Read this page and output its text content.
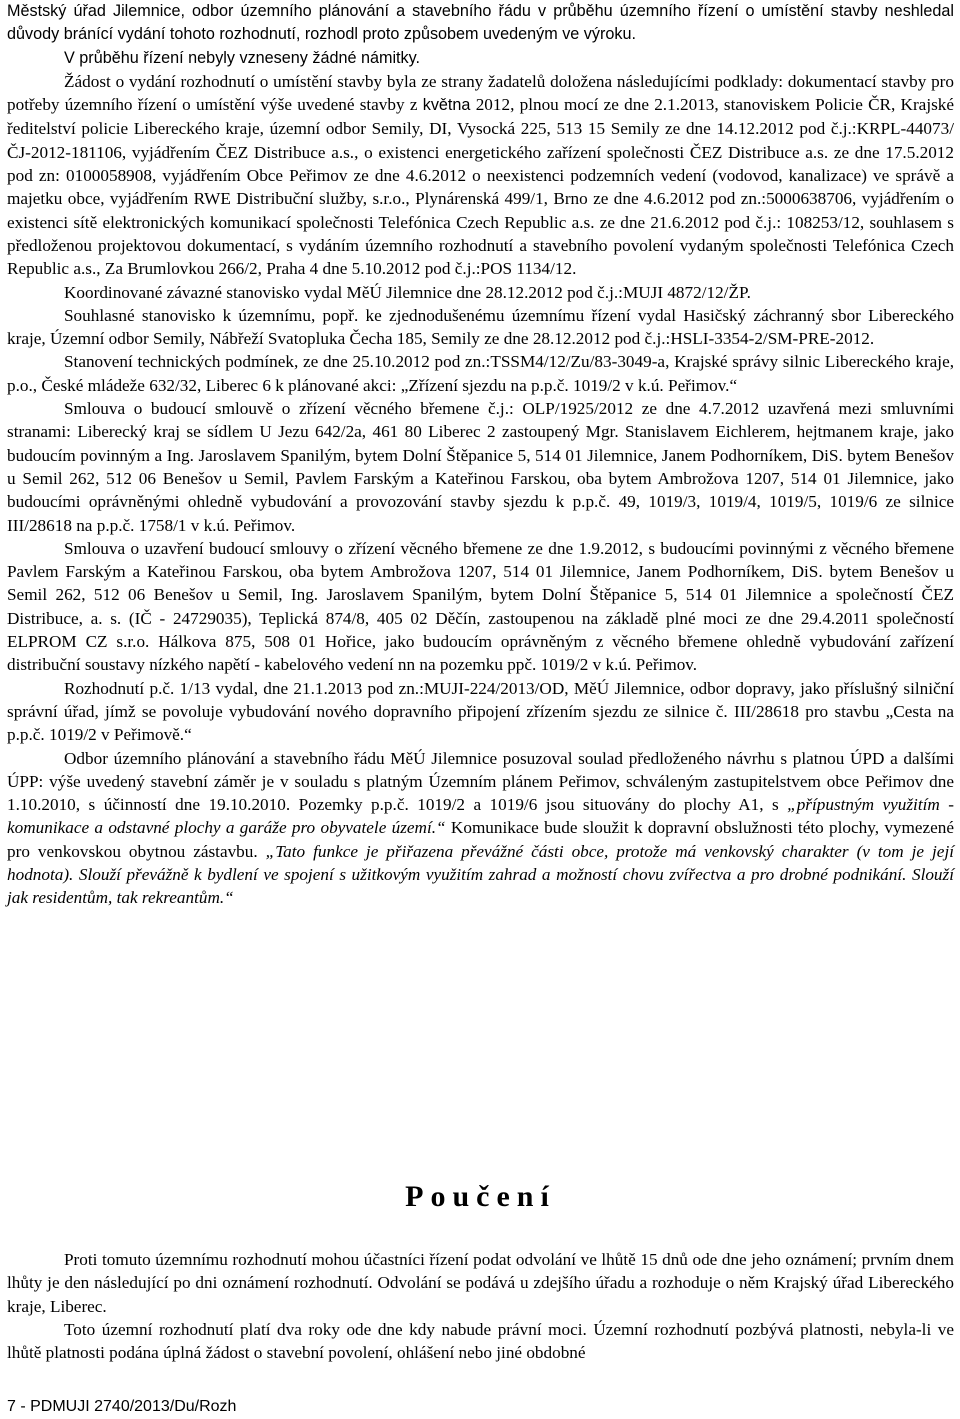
Městský úřad Jilemnice, odbor územního plánování a stavebního řádu v průběhu územního řízení o umístění stavby neshledal důvody bránící vydání tohoto rozhodnutí, rozhodl proto způsobem uvedeným ve výroku.

V průběhu řízení nebyly vzneseny žádné námitky.

Žádost o vydání rozhodnutí o umístění stavby byla ze strany žadatelů doložena následujícími podklady: dokumentací stavby pro potřeby územního řízení o umístění výše uvedené stavby z května 2012, plnou mocí ze dne 2.1.2013, stanoviskem Policie ČR, Krajské ředitelství policie Libereckého kraje, územní odbor Semily, DI, Vysocká 225, 513 15 Semily ze dne 14.12.2012 pod č.j.:KRPL-44073/ČJ-2012-181106, vyjádřením ČEZ Distribuce a.s., o existenci energetického zařízení společnosti ČEZ Distribuce a.s. ze dne 17.5.2012 pod zn: 0100058908, vyjádřením Obce Peřimov ze dne 4.6.2012 o neexistenci podzemních vedení (vodovod, kanalizace) ve správě a majetku obce, vyjádřením RWE Distribuční služby, s.r.o., Plynárenská 499/1, Brno ze dne 4.6.2012 pod zn.:5000638706, vyjádřením o existenci sítě elektronických komunikací společnosti Telefónica Czech Republic a.s. ze dne 21.6.2012 pod č.j.: 108253/12, souhlasem s předloženou projektovou dokumentací, s vydáním územního rozhodnutí a stavebního povolení vydaným společnosti Telefónica Czech Republic a.s., Za Brumlovkou 266/2, Praha 4 dne 5.10.2012 pod č.j.:POS 1134/12.

Koordinované závazné stanovisko vydal MěÚ Jilemnice dne 28.12.2012 pod č.j.:MUJI 4872/12/ŽP.

Souhlasné stanovisko k územnímu, popř. ke zjednodušenému územnímu řízení vydal Hasičský záchranný sbor Libereckého kraje, Územní odbor Semily, Nábřeží Svatopluka Čecha 185, Semily ze dne 28.12.2012 pod č.j.:HSLI-3354-2/SM-PRE-2012.

Stanovení technických podmínek, ze dne 25.10.2012 pod zn.:TSSM4/12/Zu/83-3049-a, Krajské správy silnic Libereckého kraje, p.o., České mládeže 632/32, Liberec 6 k plánované akci: „Zřízení sjezdu na p.p.č. 1019/2 v k.ú. Peřimov.“

Smlouva o budoucí smlouvě o zřízení věcného břemene č.j.: OLP/1925/2012 ze dne 4.7.2012 uzavřená mezi smluvními stranami: Liberecký kraj se sídlem U Jezu 642/2a, 461 80 Liberec 2 zastoupený Mgr. Stanislavem Eichlerem, hejtmanem kraje, jako budoucím povinným a Ing. Jaroslavem Spanilým, bytem Dolní Štěpanice 5, 514 01 Jilemnice, Janem Podhorníkem, DiS. bytem Benešov u Semil 262, 512 06 Benešov u Semil, Pavlem Farským a Kateřinou Farskou, oba bytem Ambrožova 1207, 514 01 Jilemnice, jako budoucími oprávněnými ohledně vybudování a provozování stavby sjezdu k p.p.č. 49, 1019/3, 1019/4, 1019/5, 1019/6 ze silnice III/28618 na p.p.č. 1758/1 v k.ú. Peřimov.

Smlouva o uzavření budoucí smlouvy o zřízení věcného břemene ze dne 1.9.2012, s budoucími povinnými z věcného břemene Pavlem Farským a Kateřinou Farskou, oba bytem Ambrožova 1207, 514 01 Jilemnice, Janem Podhorníkem, DiS. bytem Benešov u Semil 262, 512 06 Benešov u Semil, Ing. Jaroslavem Spanilým, bytem Dolní Štěpanice 5, 514 01 Jilemnice a společností ČEZ Distribuce, a. s. (IČ - 24729035), Teplická 874/8, 405 02 Děčín, zastoupenou na základě plné moci ze dne 29.4.2011 společností ELPROM CZ s.r.o. Hálkova 875, 508 01 Hořice, jako budoucím oprávněným z věcného břemene ohledně vybudování zařízení distribuční soustavy nízkého napětí - kabelového vedení nn na pozemku ppč. 1019/2 v k.ú. Peřimov.

Rozhodnutí p.č. 1/13 vydal, dne 21.1.2013 pod zn.:MUJI-224/2013/OD, MěÚ Jilemnice, odbor dopravy, jako příslušný silniční správní úřad, jímž se povoluje vybudování nového dopravního připojení zřízením sjezdu ze silnice č. III/28618 pro stavbu „Cesta na p.p.č. 1019/2 v Peřimově.“

Odbor územního plánování a stavebního řádu MěÚ Jilemnice posuzoval soulad předloženého návrhu s platnou ÚPD a dalšími ÚPP: výše uvedený stavební záměr je v souladu s platným Územním plánem Peřimov, schváleným zastupitelstvem obce Peřimov dne 1.10.2010, s účinností dne 19.10.2010. Pozemky p.p.č. 1019/2 a 1019/6 jsou situovány do plochy A1, s „přípustným využitím - komunikace a odstavné plochy a garáže pro obyvatele území.“ Komunikace bude sloužit k dopravní obslužnosti této plochy, vymezené pro venkovskou obytnou zástavbu. „Tato funkce je přiřazena převážné části obce, protože má venkovský charakter (v tom je její hodnota). Slouží převážně k bydlení ve spojení s užitkovým využitím zahrad a možností chovu zvířectva a pro drobné podnikání. Slouží jak residentům, tak rekreantům.“

Poučení

Proti tomuto územnímu rozhodnutí mohou účastníci řízení podat odvolání ve lhůtě 15 dnů ode dne jeho oznámení; prvním dnem lhůty je den následující po dni oznámení rozhodnutí. Odvolání se podává u zdejšího úřadu a rozhoduje o něm Krajský úřad Libereckého kraje, Liberec.

Toto územní rozhodnutí platí dva roky ode dne kdy nabude právní moci. Územní rozhodnutí pozbývá platnosti, nebyla-li ve lhůtě platnosti podána úplná žádost o stavební povolení, ohlášení nebo jiné obdobné

7 - PDMUJI 2740/2013/Du/Rozh
